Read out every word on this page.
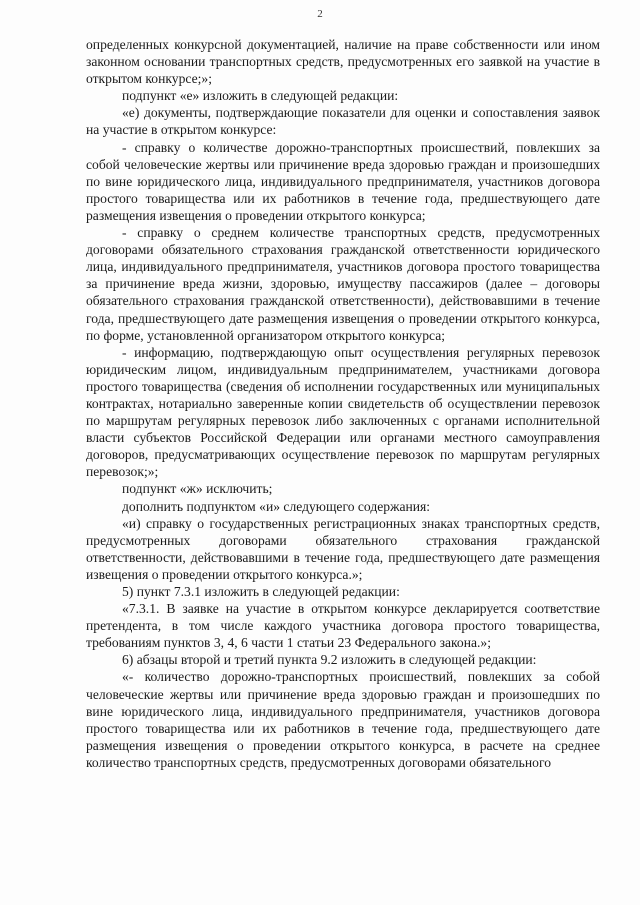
2

определенных конкурсной документацией, наличие на праве собственности или ином законном основании транспортных средств, предусмотренных его заявкой на участие в открытом конкурсе;»;

подпункт «е» изложить в следующей редакции:

«е) документы, подтверждающие показатели для оценки и сопоставления заявок на участие в открытом конкурсе:

- справку о количестве дорожно-транспортных происшествий, повлекших за собой человеческие жертвы или причинение вреда здоровью граждан и произошедших по вине юридического лица, индивидуального предпринимателя, участников договора простого товарищества или их работников в течение года, предшествующего дате размещения извещения о проведении открытого конкурса;

- справку о среднем количестве транспортных средств, предусмотренных договорами обязательного страхования гражданской ответственности юридического лица, индивидуального предпринимателя, участников договора простого товарищества за причинение вреда жизни, здоровью, имуществу пассажиров (далее – договоры обязательного страхования гражданской ответственности), действовавшими в течение года, предшествующего дате размещения извещения о проведении открытого конкурса, по форме, установленной организатором открытого конкурса;

- информацию, подтверждающую опыт осуществления регулярных перевозок юридическим лицом, индивидуальным предпринимателем, участниками договора простого товарищества (сведения об исполнении государственных или муниципальных контрактах, нотариально заверенные копии свидетельств об осуществлении перевозок по маршрутам регулярных перевозок либо заключенных с органами исполнительной власти субъектов Российской Федерации или органами местного самоуправления договоров, предусматривающих осуществление перевозок по маршрутам регулярных перевозок;»;

подпункт «ж» исключить;

дополнить подпунктом «и» следующего содержания:

«и) справку о государственных регистрационных знаках транспортных средств, предусмотренных договорами обязательного страхования гражданской ответственности, действовавшими в течение года, предшествующего дате размещения извещения о проведении открытого конкурса.»;

5) пункт 7.3.1 изложить в следующей редакции:

«7.3.1. В заявке на участие в открытом конкурсе декларируется соответствие претендента, в том числе каждого участника договора простого товарищества, требованиям пунктов 3, 4, 6 части 1 статьи 23 Федерального закона.»;

6) абзацы второй и третий пункта 9.2 изложить в следующей редакции:

«- количество дорожно-транспортных происшествий, повлекших за собой человеческие жертвы или причинение вреда здоровью граждан и произошедших по вине юридического лица, индивидуального предпринимателя, участников договора простого товарищества или их работников в течение года, предшествующего дате размещения извещения о проведении открытого конкурса, в расчете на среднее количество транспортных средств, предусмотренных договорами обязательного
